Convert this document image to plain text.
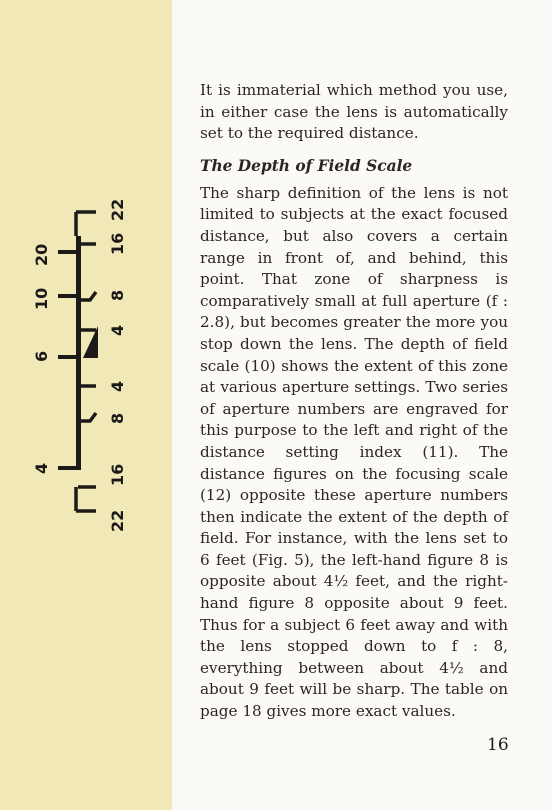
4
6
10
20
22
16
8
4
4
8
16
22

It is immaterial which method you use, in either case the lens is automatically set to the required distance.

The Depth of Field Scale

The sharp definition of the lens is not limited to subjects at the exact focused distance, but also covers a certain range in front of, and behind, this point. That zone of sharpness is comparatively small at full aperture (f : 2.8), but becomes greater the more you stop down the lens. The depth of field scale (10) shows the extent of this zone at various aperture settings. Two series of aperture numbers are engraved for this purpose to the left and right of the distance setting index (11). The distance figures on the focusing scale (12) opposite these aperture numbers then indicate the extent of the depth of field. For instance, with the lens set to 6 feet (Fig. 5), the left-hand figure 8 is opposite about 4½ feet, and the right-hand figure 8 opposite about 9 feet. Thus for a subject 6 feet away and with the lens stopped down to f : 8, everything between about 4½ and about 9 feet will be sharp. The table on page 18 gives more exact values.

16
